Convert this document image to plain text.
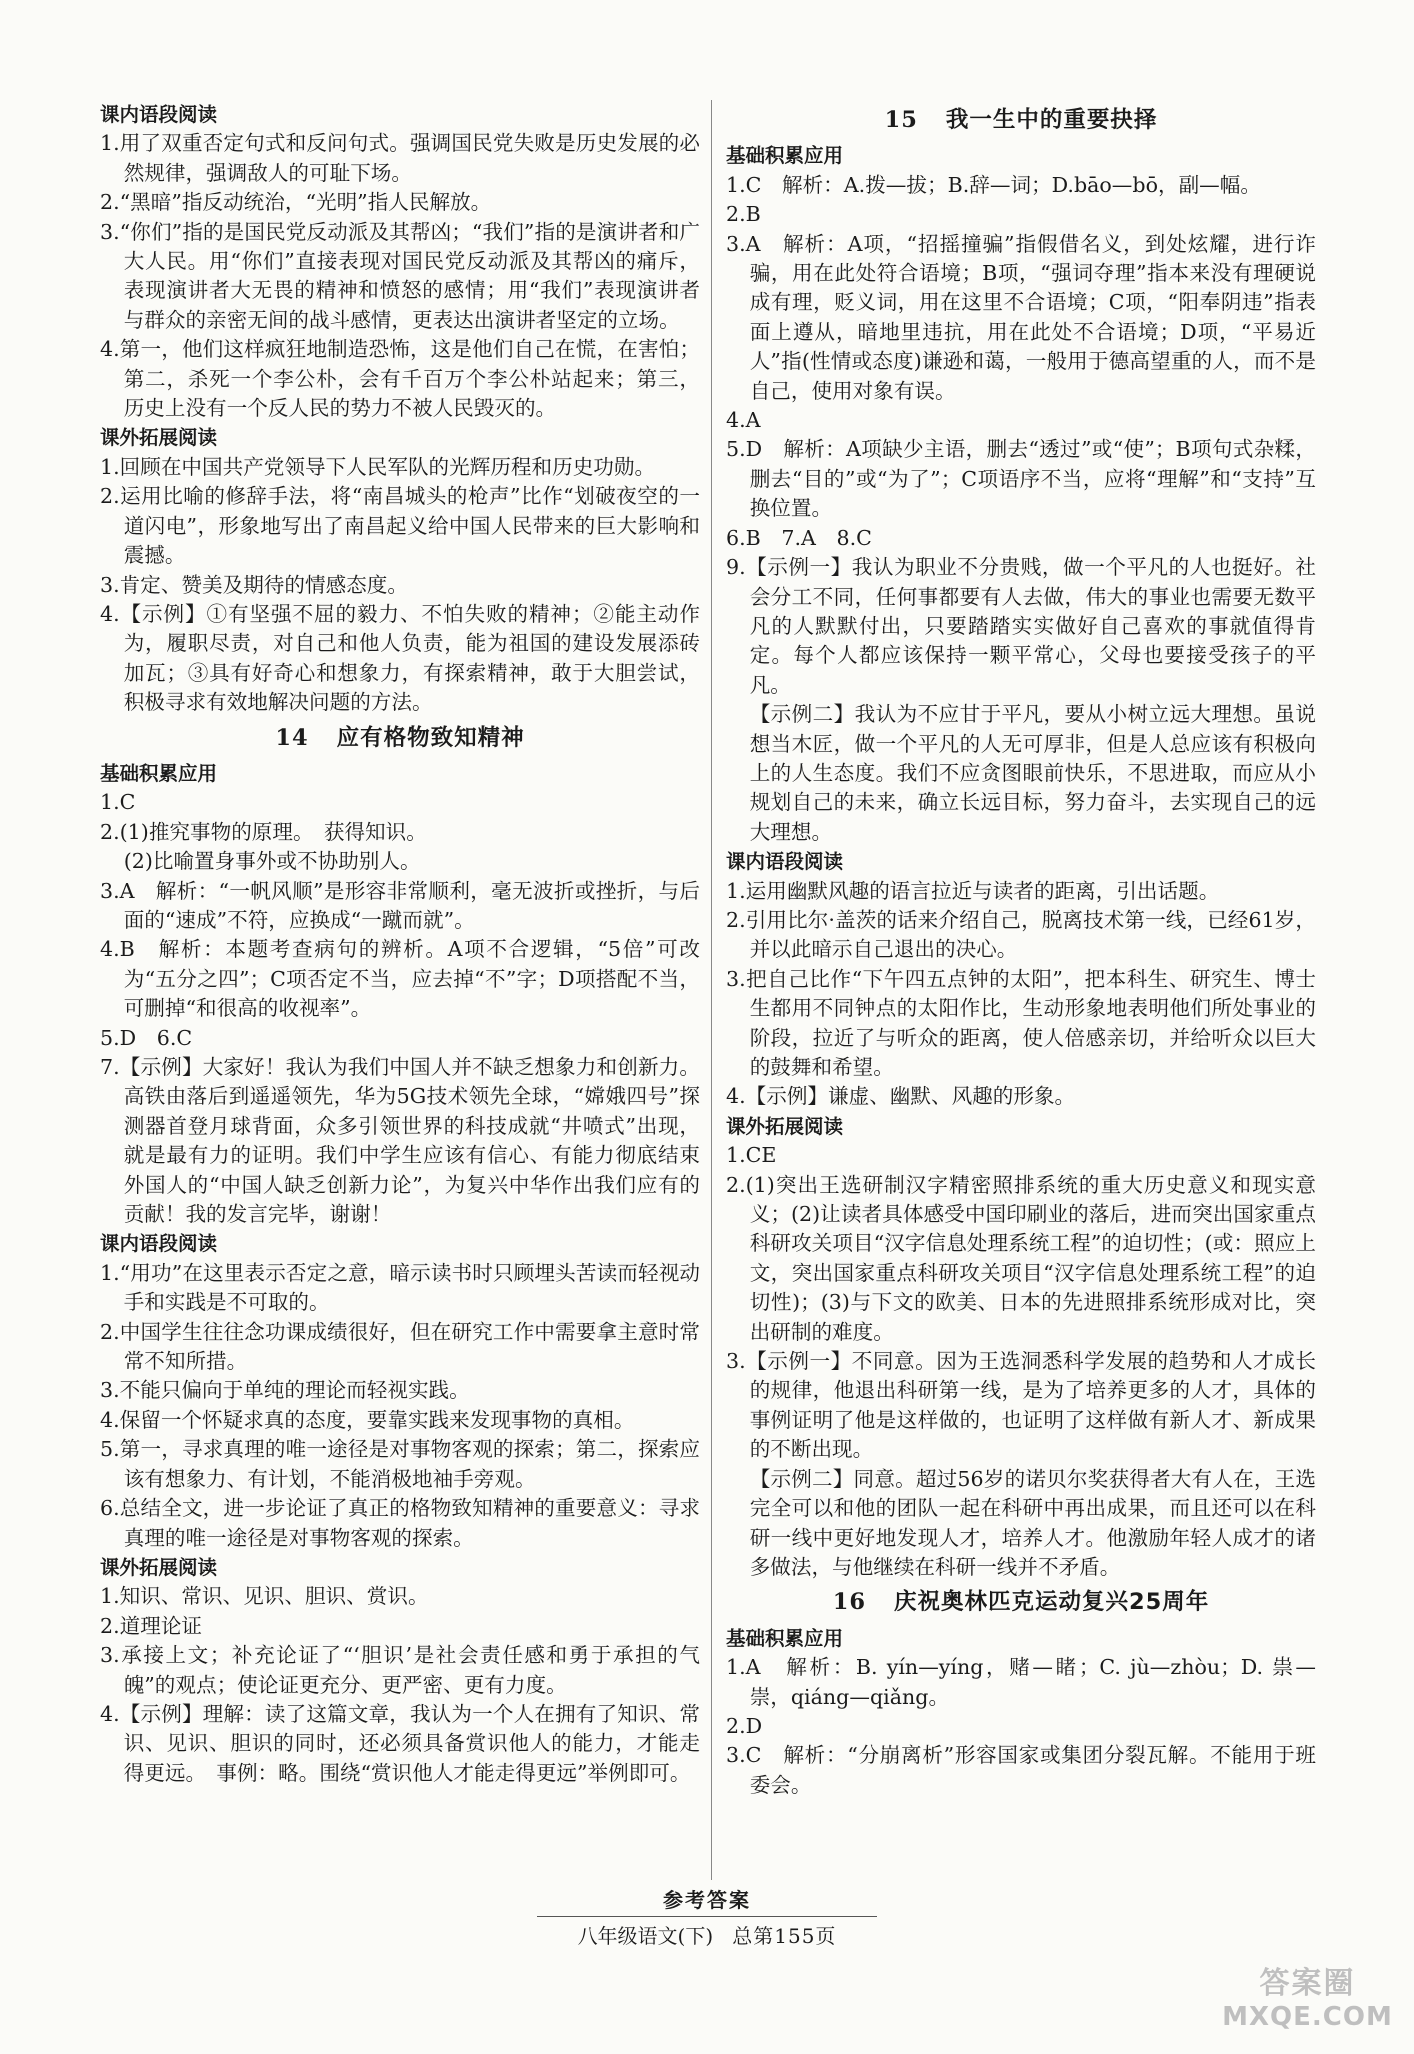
课内语段阅读
1.用了双重否定句式和反问句式。强调国民党失败是历史发展的必然规律，强调敌人的可耻下场。
2.“黑暗”指反动统治，“光明”指人民解放。
3.“你们”指的是国民党反动派及其帮凶；“我们”指的是演讲者和广大人民。用“你们”直接表现对国民党反动派及其帮凶的痛斥，表现演讲者大无畏的精神和愤怒的感情；用“我们”表现演讲者与群众的亲密无间的战斗感情，更表达出演讲者坚定的立场。
4.第一，他们这样疯狂地制造恐怖，这是他们自己在慌，在害怕；第二，杀死一个李公朴，会有千百万个李公朴站起来；第三，历史上没有一个反人民的势力不被人民毁灭的。
课外拓展阅读
1.回顾在中国共产党领导下人民军队的光辉历程和历史功勋。
2.运用比喻的修辞手法，将“南昌城头的枪声”比作“划破夜空的一道闪电”，形象地写出了南昌起义给中国人民带来的巨大影响和震撼。
3.肯定、赞美及期待的情感态度。
4.【示例】①有坚强不屈的毅力、不怕失败的精神；②能主动作为，履职尽责，对自己和他人负责，能为祖国的建设发展添砖加瓦；③具有好奇心和想象力，有探索精神，敢于大胆尝试，积极寻求有效地解决问题的方法。
14 应有格物致知精神
基础积累应用
1.C
2.(1)推究事物的原理。　获得知识。
(2)比喻置身事外或不协助别人。
3.A　解析：“一帆风顺”是形容非常顺利，毫无波折或挫折，与后面的“速成”不符，应换成“一蹴而就”。
4.B　解析：本题考查病句的辨析。A项不合逻辑，“5倍”可改为“五分之四”；C项否定不当，应去掉“不”字；D项搭配不当，可删掉“和很高的收视率”。
5.D　6.C
7.【示例】大家好！我认为我们中国人并不缺乏想象力和创新力。高铁由落后到遥遥领先，华为5G技术领先全球，“嫦娥四号”探测器首登月球背面，众多引领世界的科技成就“井喷式”出现，就是最有力的证明。我们中学生应该有信心、有能力彻底结束外国人的“中国人缺乏创新力论”，为复兴中华作出我们应有的贡献！我的发言完毕，谢谢！
课内语段阅读
1.“用功”在这里表示否定之意，暗示读书时只顾埋头苦读而轻视动手和实践是不可取的。
2.中国学生往往念功课成绩很好，但在研究工作中需要拿主意时常常不知所措。
3.不能只偏向于单纯的理论而轻视实践。
4.保留一个怀疑求真的态度，要靠实践来发现事物的真相。
5.第一，寻求真理的唯一途径是对事物客观的探索；第二，探索应该有想象力、有计划，不能消极地袖手旁观。
6.总结全文，进一步论证了真正的格物致知精神的重要意义：寻求真理的唯一途径是对事物客观的探索。
课外拓展阅读
1.知识、常识、见识、胆识、赏识。
2.道理论证
3.承接上文；补充论证了“‘胆识’是社会责任感和勇于承担的气魄”的观点；使论证更充分、更严密、更有力度。
4.【示例】理解：读了这篇文章，我认为一个人在拥有了知识、常识、见识、胆识的同时，还必须具备赏识他人的能力，才能走得更远。　事例：略。围绕“赏识他人才能走得更远”举例即可。
15 我一生中的重要抉择
基础积累应用
1.C　解析：A.拨—拔；B.辞—词；D.bāo—bō，副—幅。
2.B
3.A　解析：A项，“招摇撞骗”指假借名义，到处炫耀，进行诈骗，用在此处符合语境；B项，“强词夺理”指本来没有理硬说成有理，贬义词，用在这里不合语境；C项，“阳奉阴违”指表面上遵从，暗地里违抗，用在此处不合语境；D项，“平易近人”指(性情或态度)谦逊和蔼，一般用于德高望重的人，而不是自己，使用对象有误。
4.A
5.D　解析：A项缺少主语，删去“透过”或“使”；B项句式杂糅，删去“目的”或“为了”；C项语序不当，应将“理解”和“支持”互换位置。
6.B　7.A　8.C
9.【示例一】我认为职业不分贵贱，做一个平凡的人也挺好。社会分工不同，任何事都要有人去做，伟大的事业也需要无数平凡的人默默付出，只要踏踏实实做好自己喜欢的事就值得肯定。每个人都应该保持一颗平常心，父母也要接受孩子的平凡。
【示例二】我认为不应甘于平凡，要从小树立远大理想。虽说想当木匠，做一个平凡的人无可厚非，但是人总应该有积极向上的人生态度。我们不应贪图眼前快乐，不思进取，而应从小规划自己的未来，确立长远目标，努力奋斗，去实现自己的远大理想。
课内语段阅读
1.运用幽默风趣的语言拉近与读者的距离，引出话题。
2.引用比尔·盖茨的话来介绍自己，脱离技术第一线，已经61岁，并以此暗示自己退出的决心。
3.把自己比作“下午四五点钟的太阳”，把本科生、研究生、博士生都用不同钟点的太阳作比，生动形象地表明他们所处事业的阶段，拉近了与听众的距离，使人倍感亲切，并给听众以巨大的鼓舞和希望。
4.【示例】谦虚、幽默、风趣的形象。
课外拓展阅读
1.CE
2.(1)突出王选研制汉字精密照排系统的重大历史意义和现实意义；(2)让读者具体感受中国印刷业的落后，进而突出国家重点科研攻关项目“汉字信息处理系统工程”的迫切性；(或：照应上文，突出国家重点科研攻关项目“汉字信息处理系统工程”的迫切性)；(3)与下文的欧美、日本的先进照排系统形成对比，突出研制的难度。
3.【示例一】不同意。因为王选洞悉科学发展的趋势和人才成长的规律，他退出科研第一线，是为了培养更多的人才，具体的事例证明了他是这样做的，也证明了这样做有新人才、新成果的不断出现。
【示例二】同意。超过56岁的诺贝尔奖获得者大有人在，王选完全可以和他的团队一起在科研中再出成果，而且还可以在科研一线中更好地发现人才，培养人才。他激励年轻人成才的诸多做法，与他继续在科研一线并不矛盾。
16 庆祝奥林匹克运动复兴25周年
基础积累应用
1.A　解析：B. yín—yíng，赌—睹；C. jù—zhòu；D. 祟—崇，qiáng—qiǎng。
2.D
3.C　解析：“分崩离析”形容国家或集团分裂瓦解。不能用于班委会。
参考答案
八年级语文(下) 总第155页
答案圈
MXQE.COM
